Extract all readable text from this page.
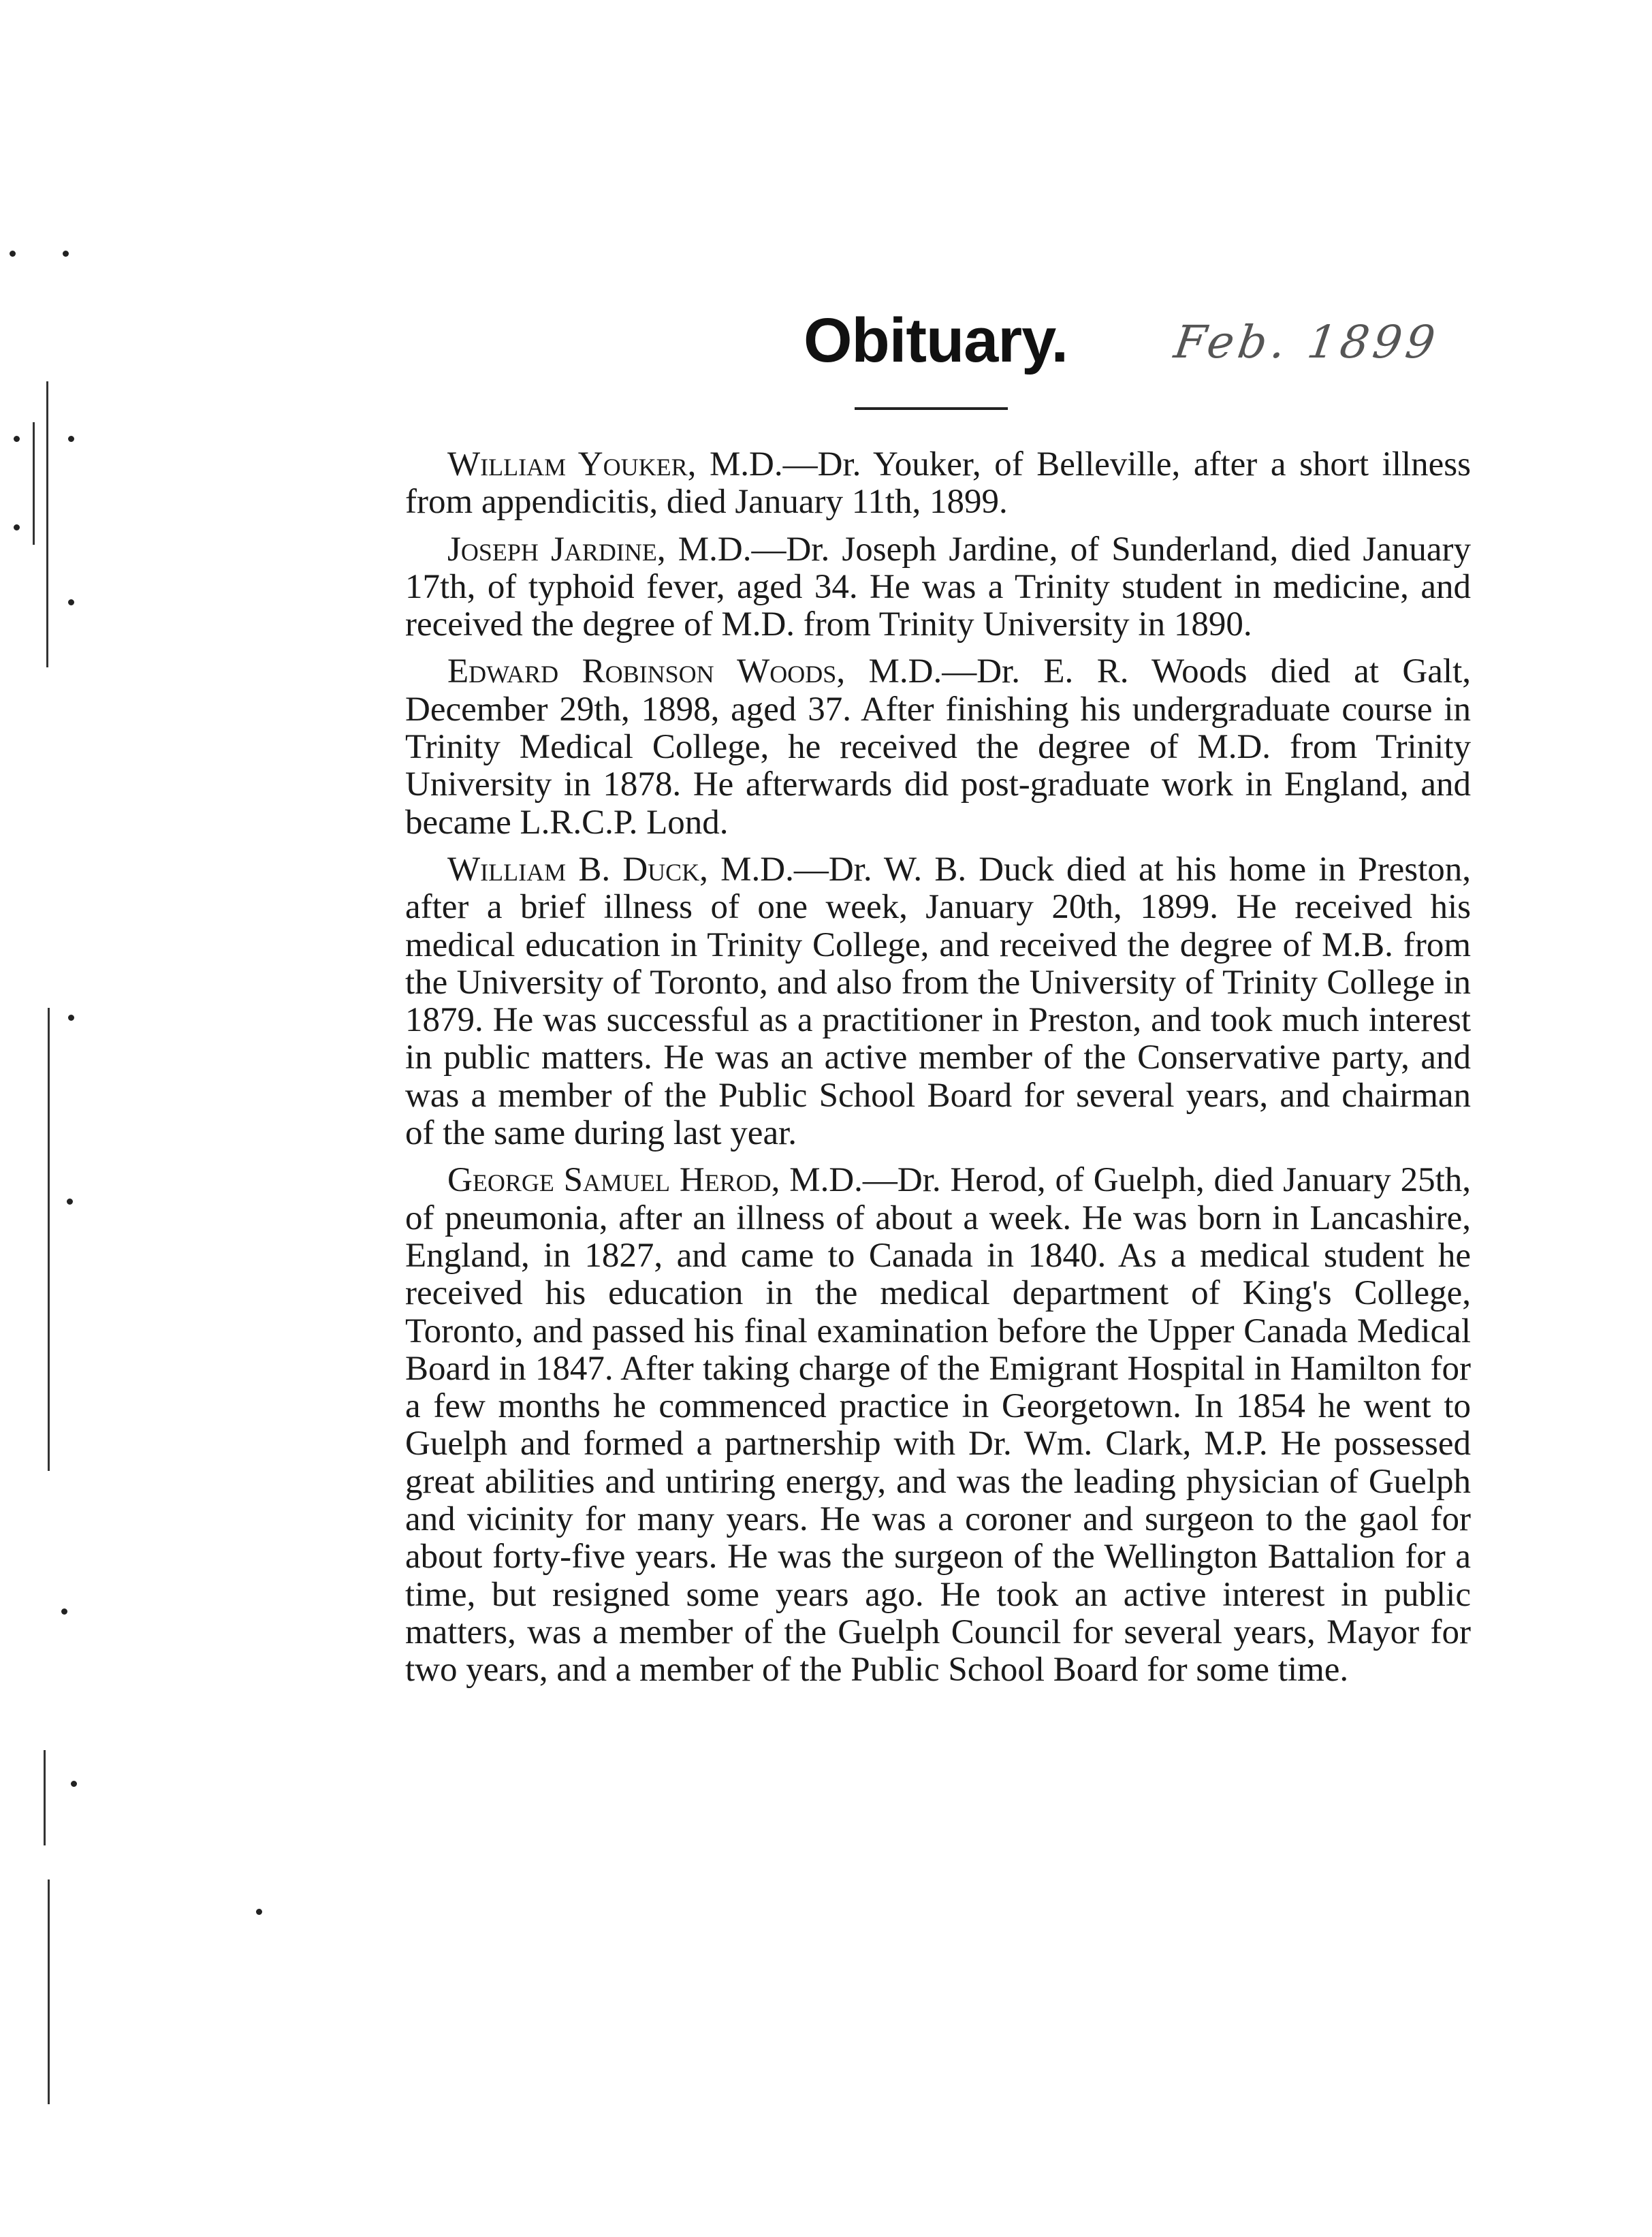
Obituary. Feb. 1899

William Youker, M.D.—Dr. Youker, of Belleville, after a short illness from appendicitis, died January 11th, 1899.

Joseph Jardine, M.D.—Dr. Joseph Jardine, of Sunderland, died January 17th, of typhoid fever, aged 34. He was a Trinity student in medicine, and received the degree of M.D. from Trinity University in 1890.

Edward Robinson Woods, M.D.—Dr. E. R. Woods died at Galt, December 29th, 1898, aged 37. After finishing his undergraduate course in Trinity Medical College, he received the degree of M.D. from Trinity University in 1878. He afterwards did post-graduate work in England, and became L.R.C.P. Lond.

William B. Duck, M.D.—Dr. W. B. Duck died at his home in Preston, after a brief illness of one week, January 20th, 1899. He received his medical education in Trinity College, and received the degree of M.B. from the University of Toronto, and also from the University of Trinity College in 1879. He was successful as a practitioner in Preston, and took much interest in public matters. He was an active member of the Conservative party, and was a member of the Public School Board for several years, and chairman of the same during last year.

George Samuel Herod, M.D.—Dr. Herod, of Guelph, died January 25th, of pneumonia, after an illness of about a week. He was born in Lancashire, England, in 1827, and came to Canada in 1840. As a medical student he received his education in the medical department of King's College, Toronto, and passed his final examination before the Upper Canada Medical Board in 1847. After taking charge of the Emigrant Hospital in Hamilton for a few months he commenced practice in Georgetown. In 1854 he went to Guelph and formed a partnership with Dr. Wm. Clark, M.P. He possessed great abilities and untiring energy, and was the leading physician of Guelph and vicinity for many years. He was a coroner and surgeon to the gaol for about forty-five years. He was the surgeon of the Wellington Battalion for a time, but resigned some years ago. He took an active interest in public matters, was a member of the Guelph Council for several years, Mayor for two years, and a member of the Public School Board for some time.
